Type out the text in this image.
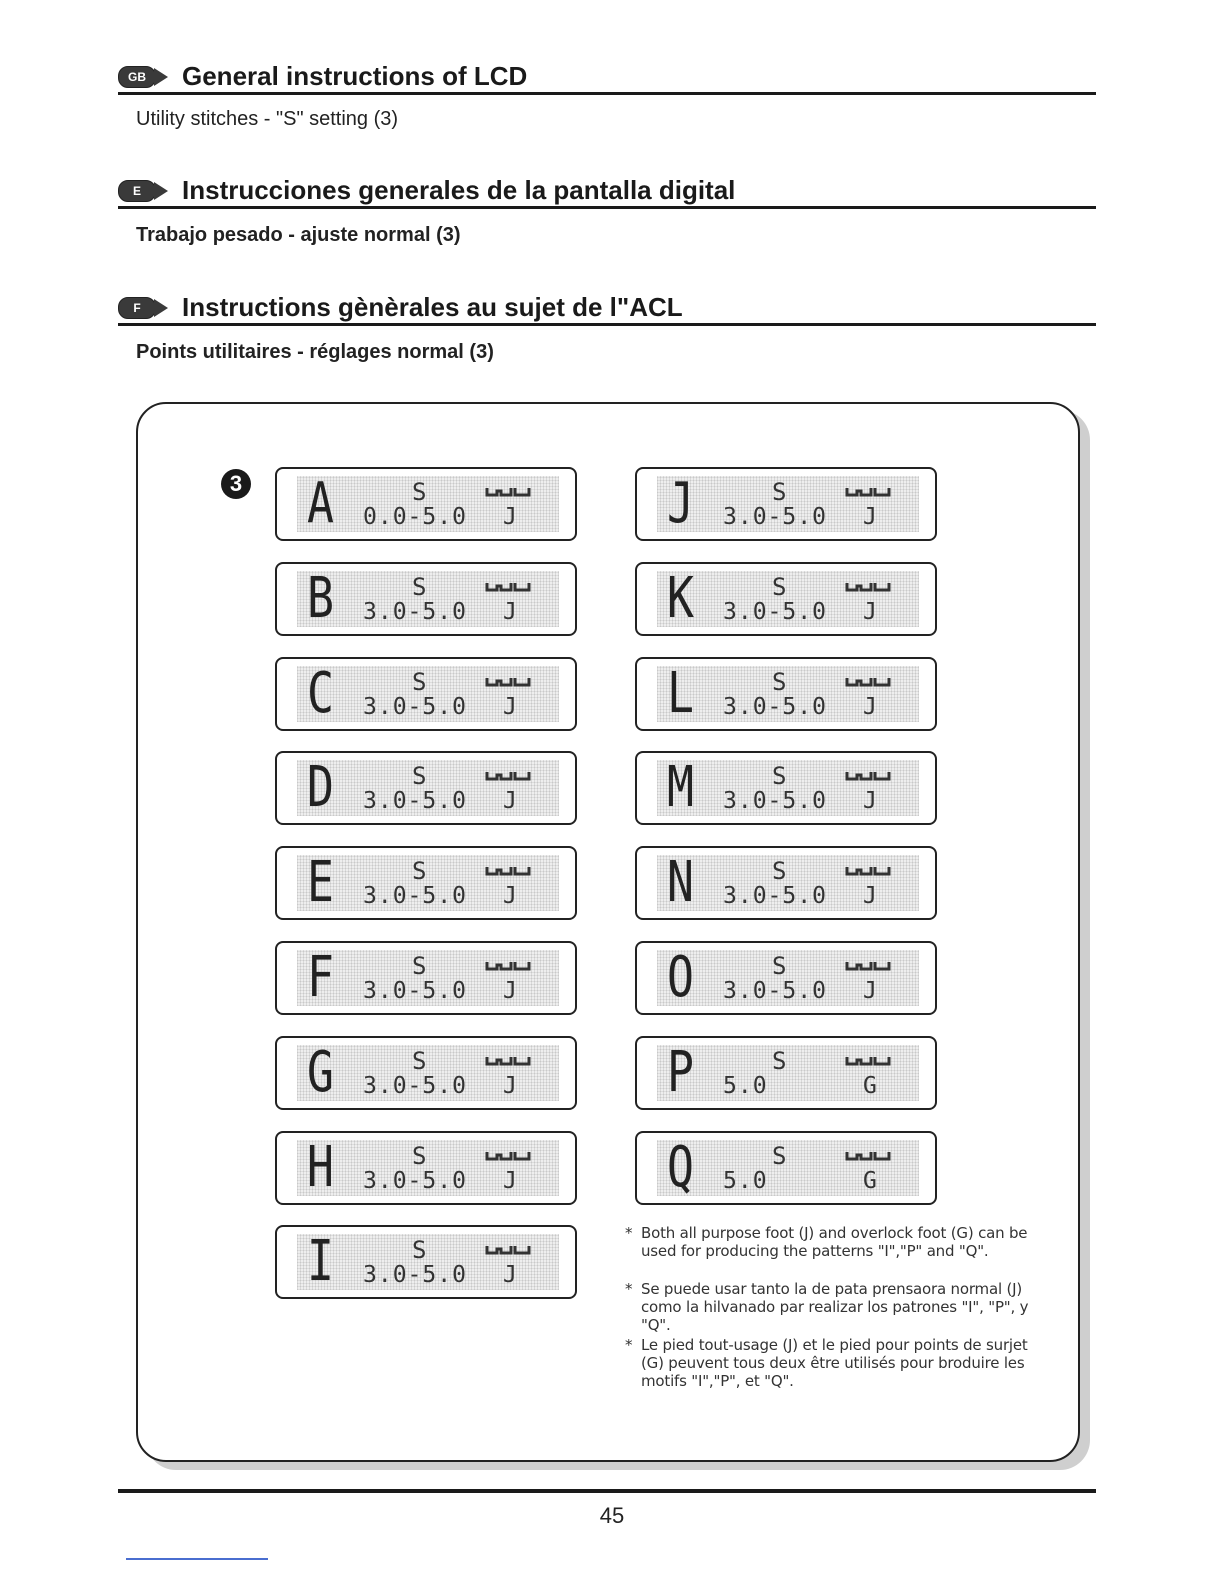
GB	General instructions of LCD
Utility stitches - "S" setting (3)
E	Instrucciones generales de la pantalla digital
Trabajo pesado - ajuste normal (3)
F	Instructions gènèrales au sujet de l"ACL
Points utilitaires - réglages normal (3)
3 A	S
0.0-5.0 J
B	S
3.0-5.0 J
C	S
3.0-5.0 J
D	S
3.0-5.0 J
E	S
3.0-5.0 J
F	S
3.0-5.0 J
G	S
3.0-5.0 J
H	S
3.0-5.0 J
I	S
3.0-5.0 J
J	S
3.0-5.0 J
K	S
3.0-5.0 J
L	S
3.0-5.0 J
M	S
3.0-5.0 J
N	S
3.0-5.0 J
O	S
3.0-5.0 J
P	S
5.0	G
Q	S
5.0	G
* Both all purpose foot (J) and overlock foot (G) can be used for producing the patterns "I","P" and "Q".
* Se puede usar tanto la de pata prensaora normal (J) como la hilvanado par realizar los patrones "I", "P", y "Q".
* Le pied tout-usage (J) et le pied pour points de surjet (G) peuvent tous deux être utilisés pour broduire les motifs "I","P", et "Q".
45
